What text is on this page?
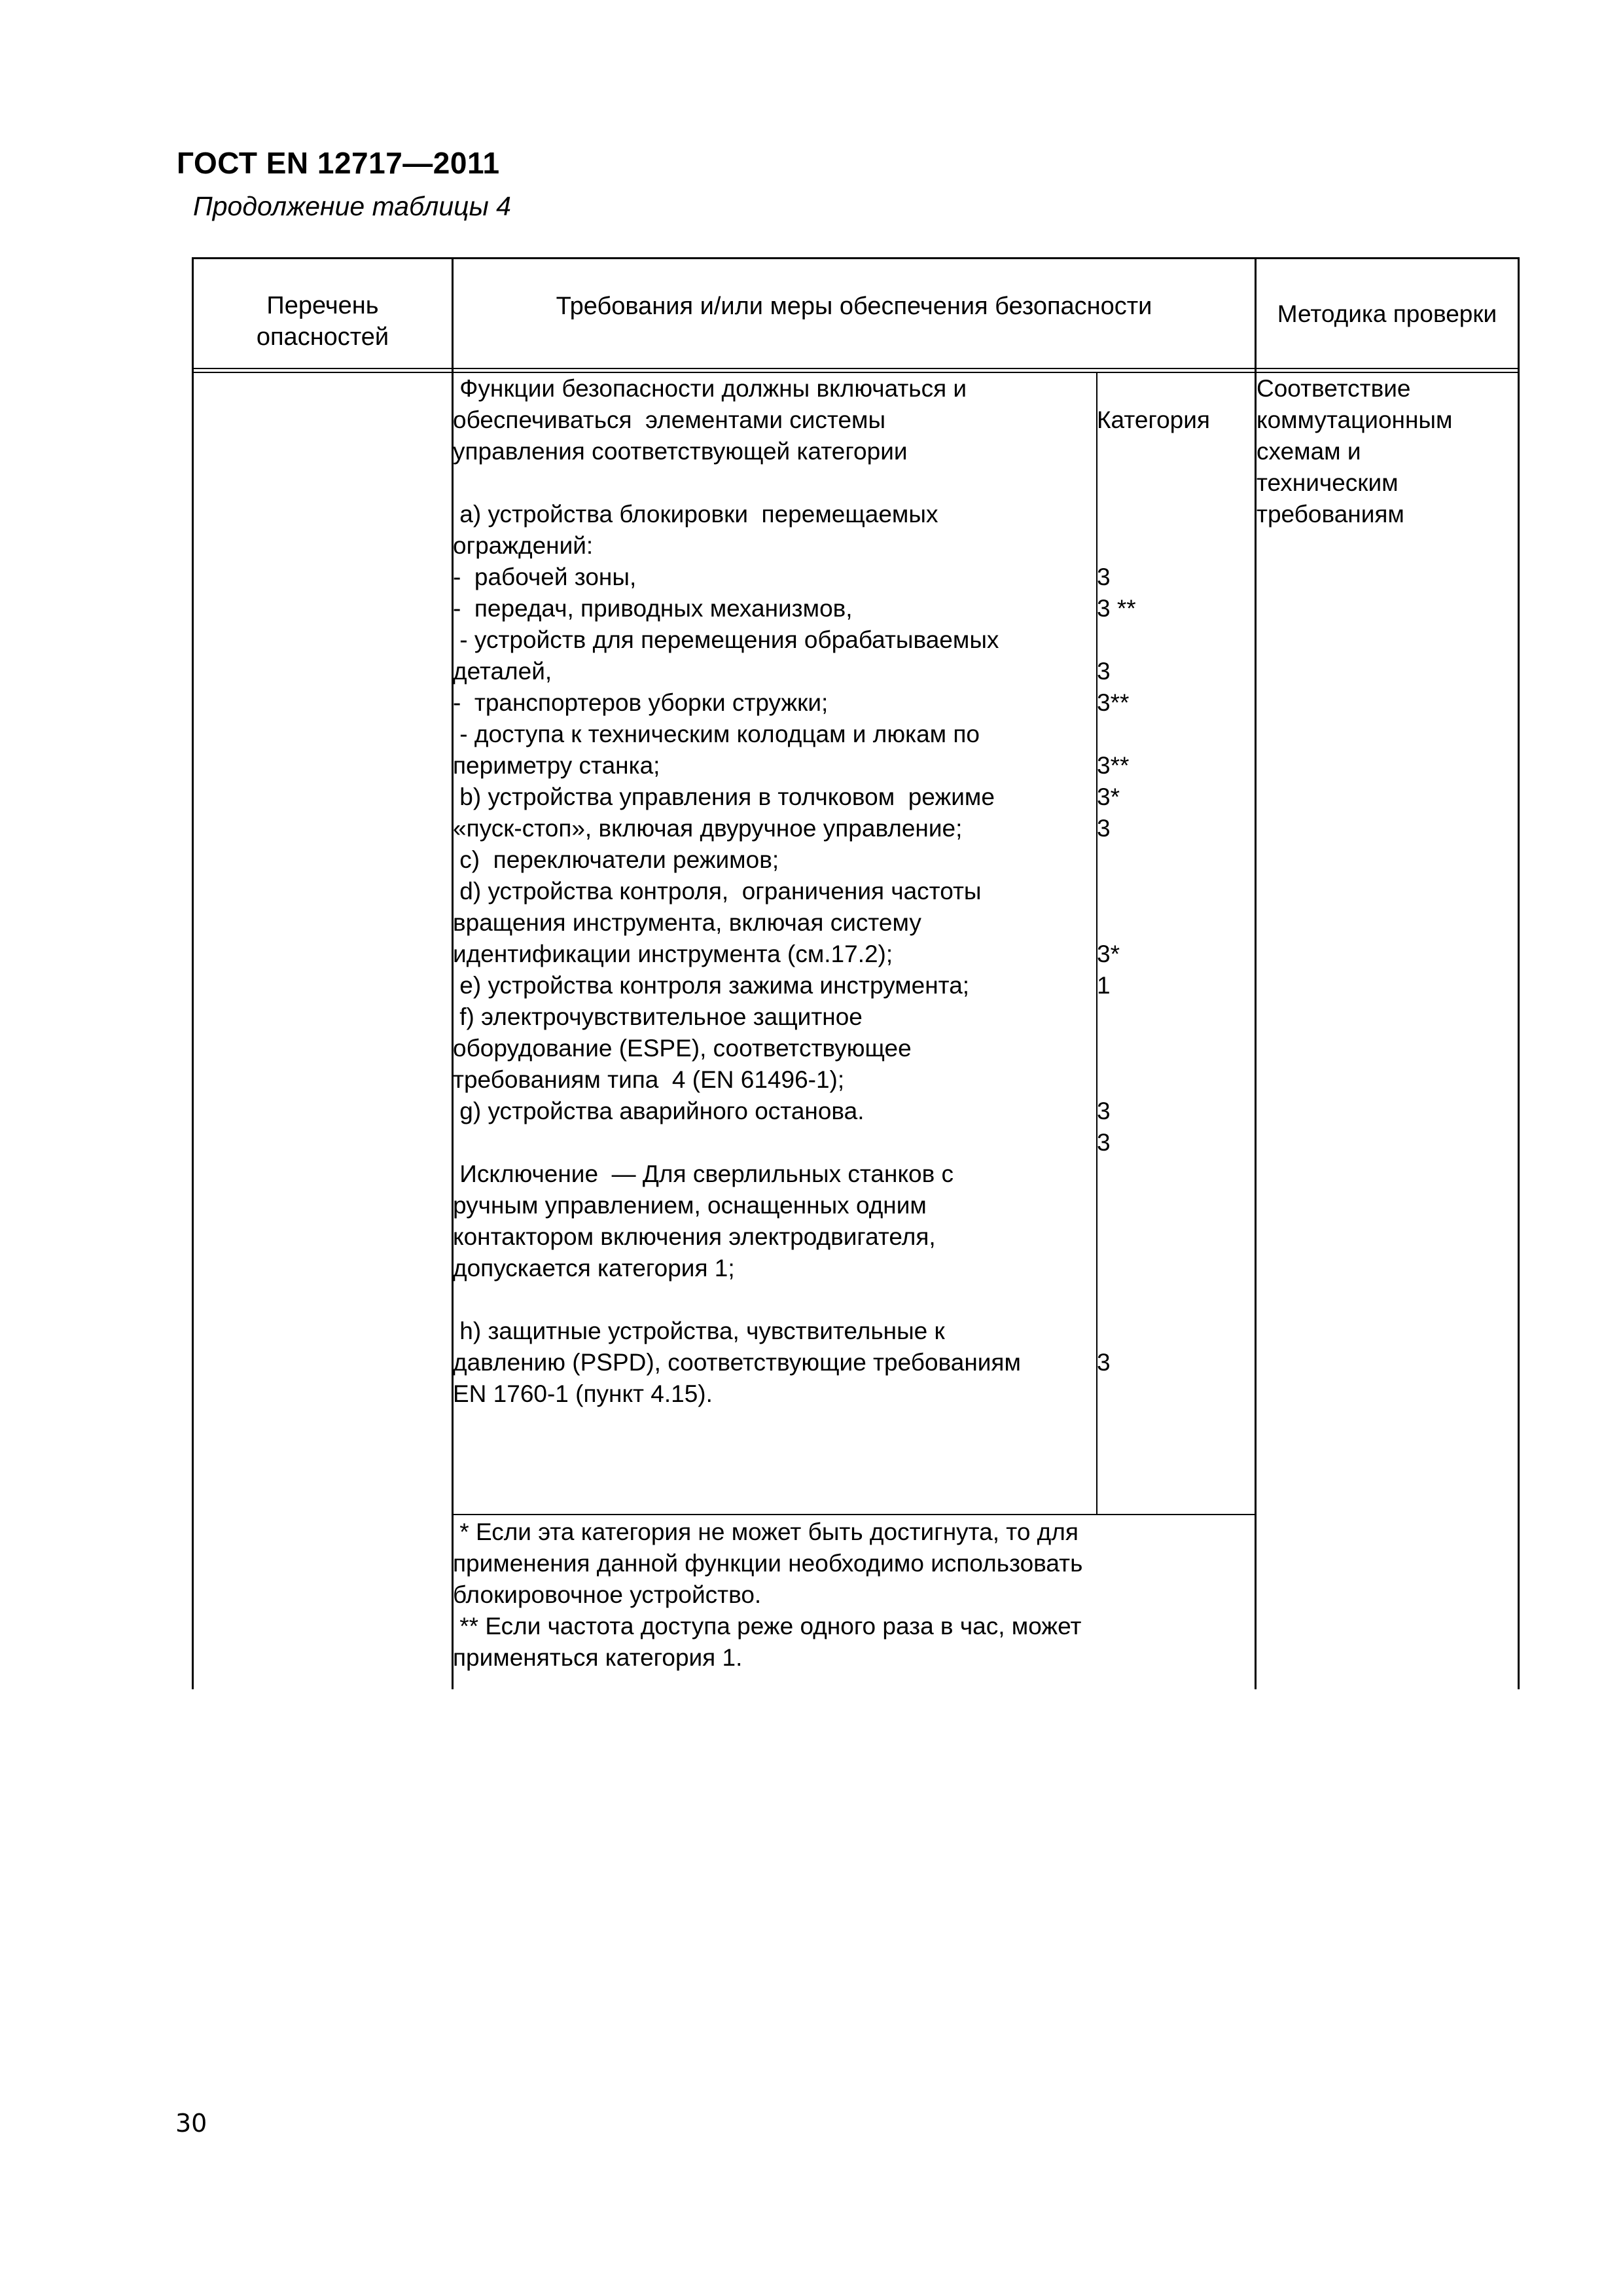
ГОСТ EN 12717—2011
Продолжение таблицы 4
Перечень
опасностей
Требования и/или меры обеспечения безопасности	Методика проверки
Функции безопасности должны включаться и
обеспечиваться  элементами системы
управления соответствующей категории

a) устройства блокировки  перемещаемых
ограждений:
-  рабочей зоны,
-  передач, приводных механизмов,
- устройств для перемещения обрабатываемых
деталей,
-  транспортеров уборки стружки;
- доступа к техническим колодцам и люкам по
периметру станка;
b) устройства управления в толчковом  режиме
«пуск-стоп», включая двуручное управление;
c)  переключатели режимов;
d) устройства контроля,  ограничения частоты
вращения инструмента, включая систему
идентификации инструмента (см.17.2);
e) устройства контроля зажима инструмента;
f) электрочувствительное защитное
оборудование (ESPE), соответствующее
требованиям типа  4 (EN 61496-1);
g) устройства аварийного останова.

Исключение  — Для сверлильных станков с
ручным управлением, оснащенных одним
контактором включения электродвигателя,
допускается категория 1;

h) защитные устройства, чувствительные к
давлению (PSPD), соответствующие требованиям
EN 1760-1 (пункт 4.15).

Категория

3
3 **

3
3**

3**
3*
3

3*
1

3
3

3

Соответствие
коммутационным
схемам и
техническим
требованиям
* Если эта категория не может быть достигнута, то для
применения данной функции необходимо использовать
блокировочное устройство.
** Если частота доступа реже одного раза в час, может
применяться категория 1.
30
